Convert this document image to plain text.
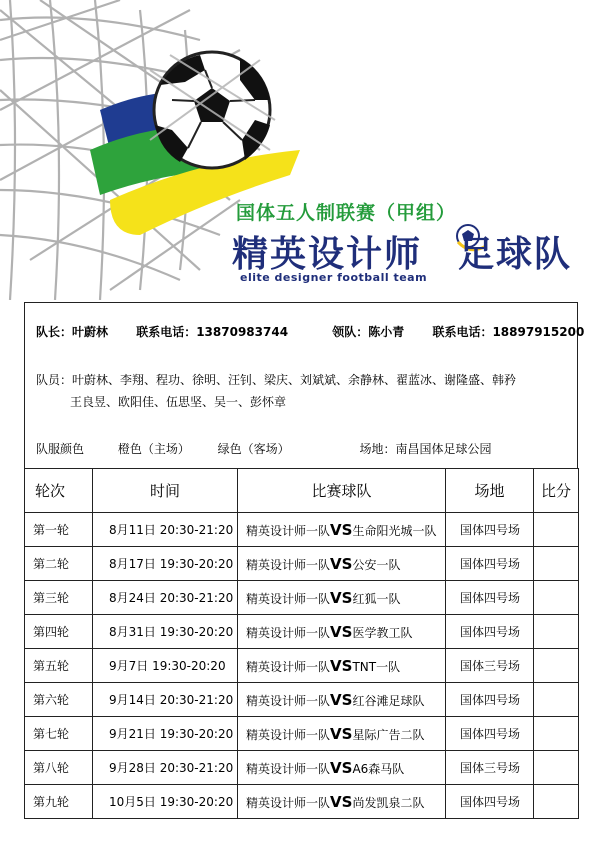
国体五人制联赛（甲组）
精英设计师 足球队
elite designer football team
队长：叶蔚林 联系电话：13870983744	领队：陈小青 联系电话：18897915200
队员：叶蔚林、李翔、程功、徐明、汪钊、梁庆、刘斌斌、余静林、翟蓝冰、谢隆盛、韩矜
王良昱、欧阳佳、伍思坚、吴一、彭怀章
队服颜色	橙色（主场） 绿色（客场）	场地：南昌国体足球公园
轮次	时间	比赛球队	场地	比分
第一轮	8月11日 20:30-21:20	精英设计师一队VS生命阳光城一队	国体四号场	
第二轮	8月17日 19:30-20:20	精英设计师一队VS公安一队	国体四号场	
第三轮	8月24日 20:30-21:20	精英设计师一队VS红狐一队	国体四号场	
第四轮	8月31日 19:30-20:20	精英设计师一队VS医学教工队	国体四号场	
第五轮	9月7日 19:30-20:20	精英设计师一队VSTNT一队	国体三号场	
第六轮	9月14日 20:30-21:20	精英设计师一队VS红谷滩足球队	国体四号场	
第七轮	9月21日 19:30-20:20	精英设计师一队VS星际广告二队	国体四号场	
第八轮	9月28日 20:30-21:20	精英设计师一队VSA6森马队	国体三号场	
第九轮	10月5日 19:30-20:20	精英设计师一队VS尚发凯泉二队	国体四号场	
